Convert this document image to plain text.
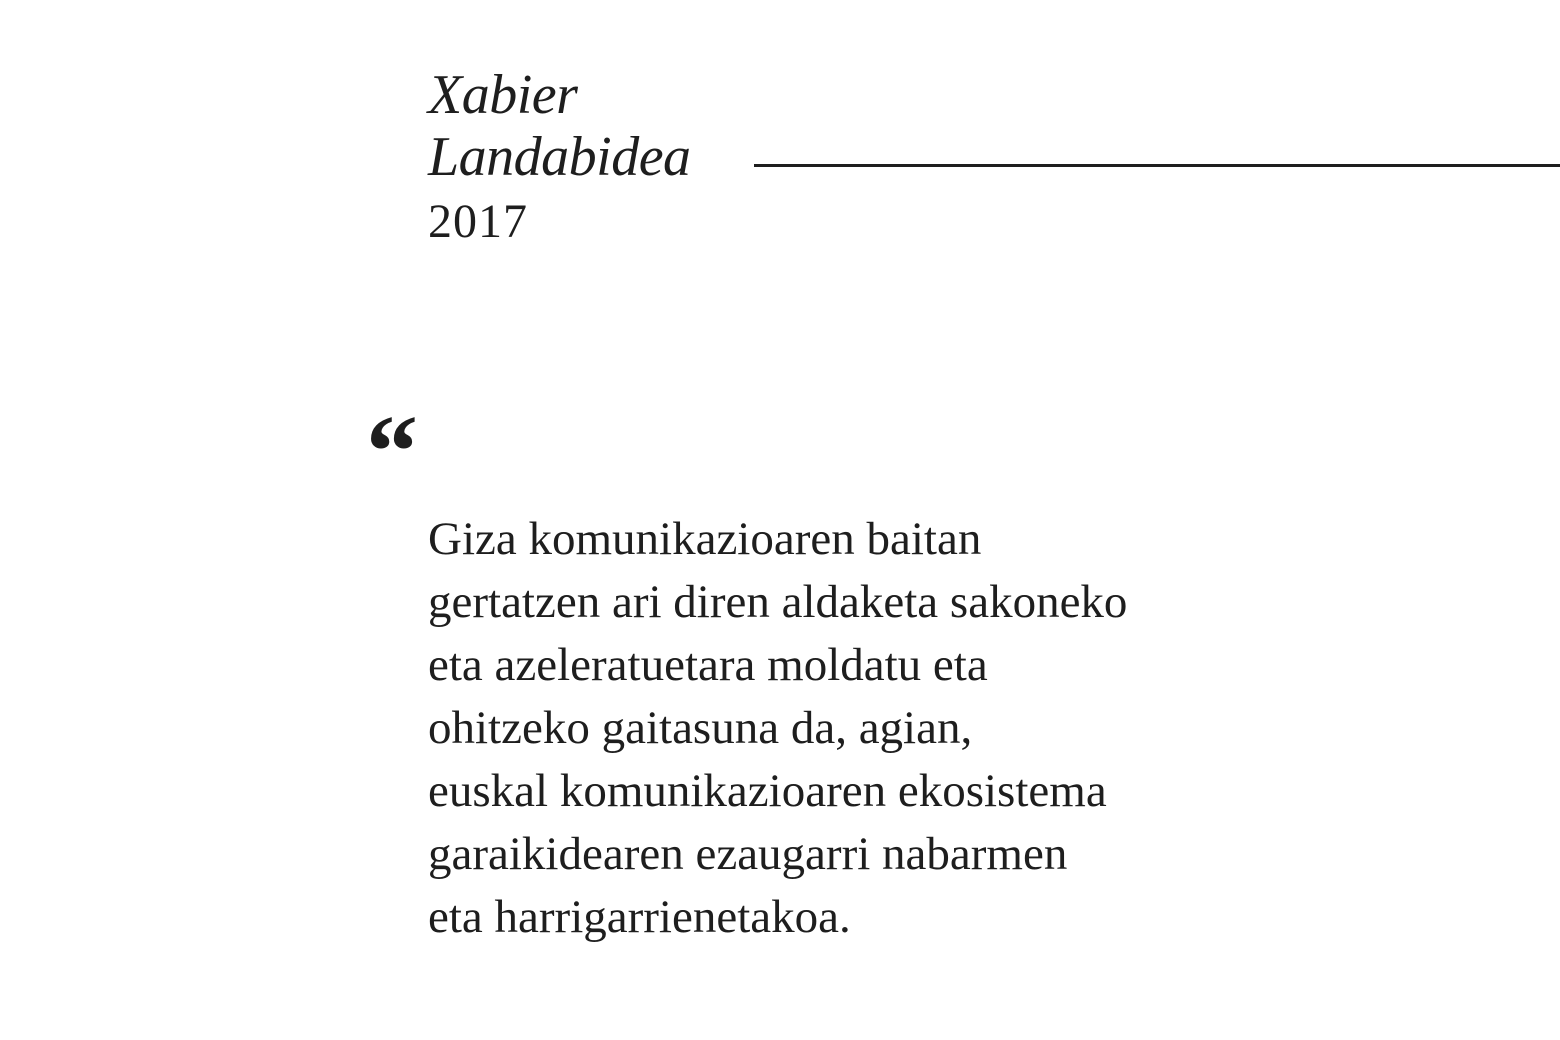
Xabier
Landabidea
2017
“

Giza komunikazioaren baitan
gertatzen ari diren aldaketa sakoneko
eta azeleratuetara moldatu eta
ohitzeko gaitasuna da, agian,
euskal komunikazioaren ekosistema
garaikidearen ezaugarri nabarmen
eta harrigarrienetakoa.
